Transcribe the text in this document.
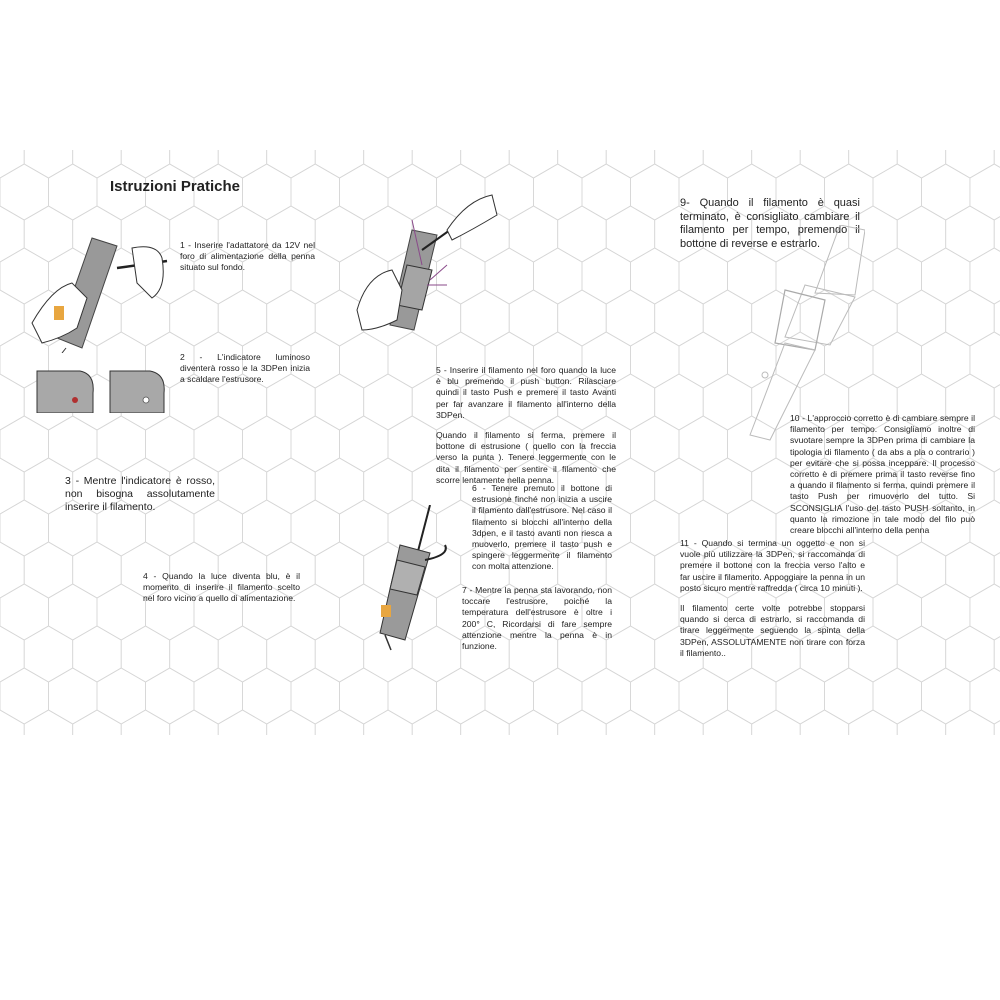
Istruzioni Pratiche
1 - Inserire l'adattatore da 12V nel foro di alimentazione della penna situato sul fondo.
2 - L'indicatore luminoso diventerà rosso e la 3DPen inizia a scaldare l'estrusore.
3 - Mentre l'indicatore è rosso, non bisogna assolutamente inserire il filamento.
4 - Quando la luce diventa blu, è il momento di inserire il filamento scelto nel foro vicino a quello di alimentazione.

5 - Inserire il filamento nel foro quando la luce è blu premendo il push button. Rilasciare quindi il tasto Push e premere il tasto Avanti per far avanzare il filamento all'interno della 3DPen.

Quando il filamento si ferma, premere il bottone di estrusione ( quello con la freccia verso la punta ). Tenere leggermente con le dita il filamento per sentire il filamento che scorre lentamente nella penna.

6 - Tenere premuto il bottone di estrusione finché non inizia a uscire il filamento dall'estrusore. Nel caso il filamento si blocchi all'interno della 3dpen, e il tasto avanti non riesca a muoverlo, premere il tasto push e spingere leggermente il filamento con molta attenzione.
7 - Mentre la penna sta lavorando, non toccare l'estrusore, poiché la temperatura dell'estrusore è oltre i 200° C, Ricordarsi di fare sempre attenzione mentre la penna è in funzione.
9- Quando il filamento è quasi terminato, è consigliato cambiare il filamento per tempo, premendo il bottone di reverse e estrarlo.
10 - L'approccio corretto è di cambiare sempre il filamento per tempo. Consigliamo inoltre di svuotare sempre la 3DPen prima di cambiare la tipologia di filamento ( da abs a pla o contrario ) per evitare che si possa incepparе. Il processo corretto è di premere prima il tasto reverse fino a quando il filamento si ferma, quindi premere il tasto Push per rimuoverlo del tutto. Si SCONSIGLIA l'uso del tasto PUSH soltanto, in quanto la rimozione in tale modo del filo può creare blocchi all'interno della penna

11 - Quando si termina un oggetto e non si vuole più utilizzare la 3DPen, si raccomanda di premere il bottone con la freccia verso l'alto e far uscire il filamento. Appoggiare la penna in un posto sicuro mentre raffredda ( circa 10 minuti ).

Il filamento certe volte potrebbe stopparsi quando si cerca di estrarlo, si raccomanda di tirare leggermente seguendo la spinta della 3DPen, ASSOLUTAMENTE non tirare con forza il filamento..
